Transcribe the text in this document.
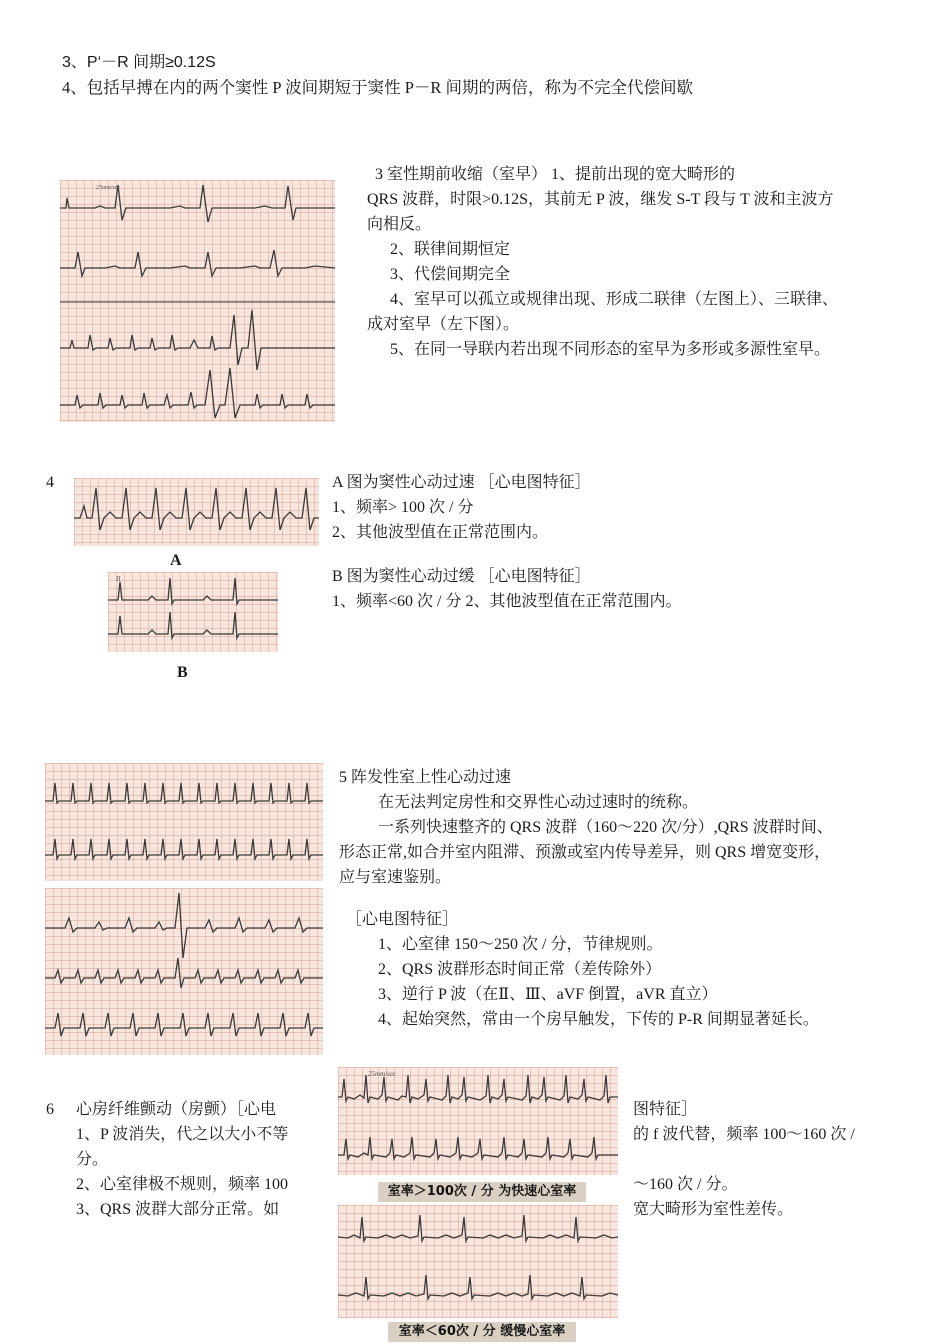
3、P‘－R 间期≥0.12S
4、包括早搏在内的两个窦性 P 波间期短于窦性 P－R 间期的两倍，称为不完全代偿间歇
25mm/sec
3 室性期前收缩（室早） 1、提前出现的宽大畸形的
QRS 波群，时限>0.12S，其前无 P 波，继发 S-T 段与 T 波和主波方
向相反。
2、联律间期恒定
3、代偿间期完全
4、室早可以孤立或规律出现、形成二联律（左图上）、三联律、
成对室早（左下图）。
5、在同一导联内若出现不同形态的室早为多形或多源性室早。
4
A
II
B
A 图为窦性心动过速 ［心电图特征］
1、频率> 100 次 / 分
2、其他波型值在正常范围内。
B 图为窦性心动过缓 ［心电图特征］
1、频率<60 次 / 分 2、其他波型值在正常范围内。
5 阵发性室上性心动过速
在无法判定房性和交界性心动过速时的统称。
一系列快速整齐的 QRS 波群（160～220 次/分）,QRS 波群时间、
形态正常,如合并室内阻滞、预激或室内传导差异，则 QRS 增宽变形，
应与室速鉴别。
［心电图特征］
1、心室律 150～250 次 / 分，节律规则。
2、QRS 波群形态时间正常（差传除外）
3、逆行 P 波（在Ⅱ、Ⅲ、aVF 倒置，aVR 直立）
4、起始突然，常由一个房早触发，下传的 P-R 间期显著延长。
25mm/sec
室率＞100次 / 分 为快速心室率
室率＜60次 / 分 缓慢心室率
6 心房纤维颤动（房颤）［心电
1、P 波消失，代之以大小不等
分。
2、心室律极不规则，频率 100
3、QRS 波群大部分正常。如
图特征］
的 f 波代替，频率 100～160 次 /
～160 次 / 分。
宽大畸形为室性差传。
